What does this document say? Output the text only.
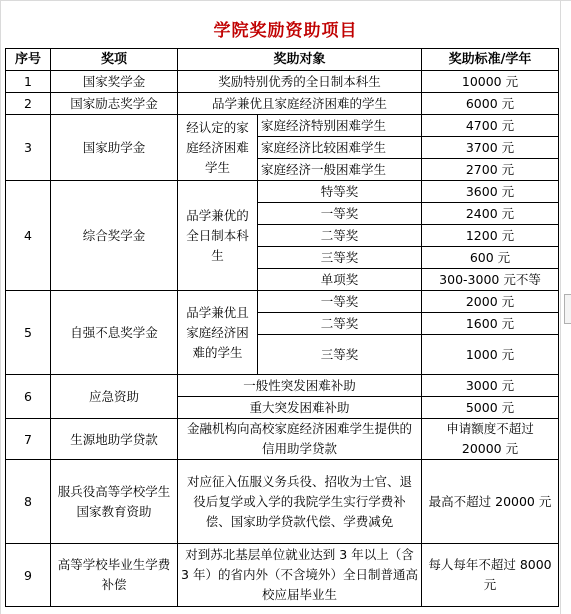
学院奖励资助项目
序号	奖项	奖助对象		奖助标准/学年
1	国家奖学金	奖励特别优秀的全日制本科生		10000 元
2	国家励志奖学金	品学兼优且家庭经济困难的学生		6000 元
3	国家助学金	经认定的家庭经济困难学生	家庭经济特别困难学生	4700 元
			家庭经济比较困难学生	3700 元
			家庭经济一般困难学生	2700 元
4	综合奖学金	品学兼优的全日制本科生	特等奖	3600 元
			一等奖	2400 元
			二等奖	1200 元
			三等奖	600 元
			单项奖	300-3000 元不等
5	自强不息奖学金	品学兼优且家庭经济困难的学生	一等奖	2000 元
			二等奖	1600 元
			三等奖	1000 元
6	应急资助	一般性突发困难补助		3000 元
		重大突发困难补助		5000 元
7	生源地助学贷款	金融机构向高校家庭经济困难学生提供的信用助学贷款		申请额度不超过 20000 元
8	服兵役高等学校学生国家教育资助	对应征入伍服义务兵役、招收为士官、退役后复学或入学的我院学生实行学费补偿、国家助学贷款代偿、学费减免		最高不超过 20000 元
9	高等学校毕业生学费补偿	对到苏北基层单位就业达到 3 年以上（含 3 年）的省内外（不含境外）全日制普通高校应届毕业生		每人每年不超过 8000 元
